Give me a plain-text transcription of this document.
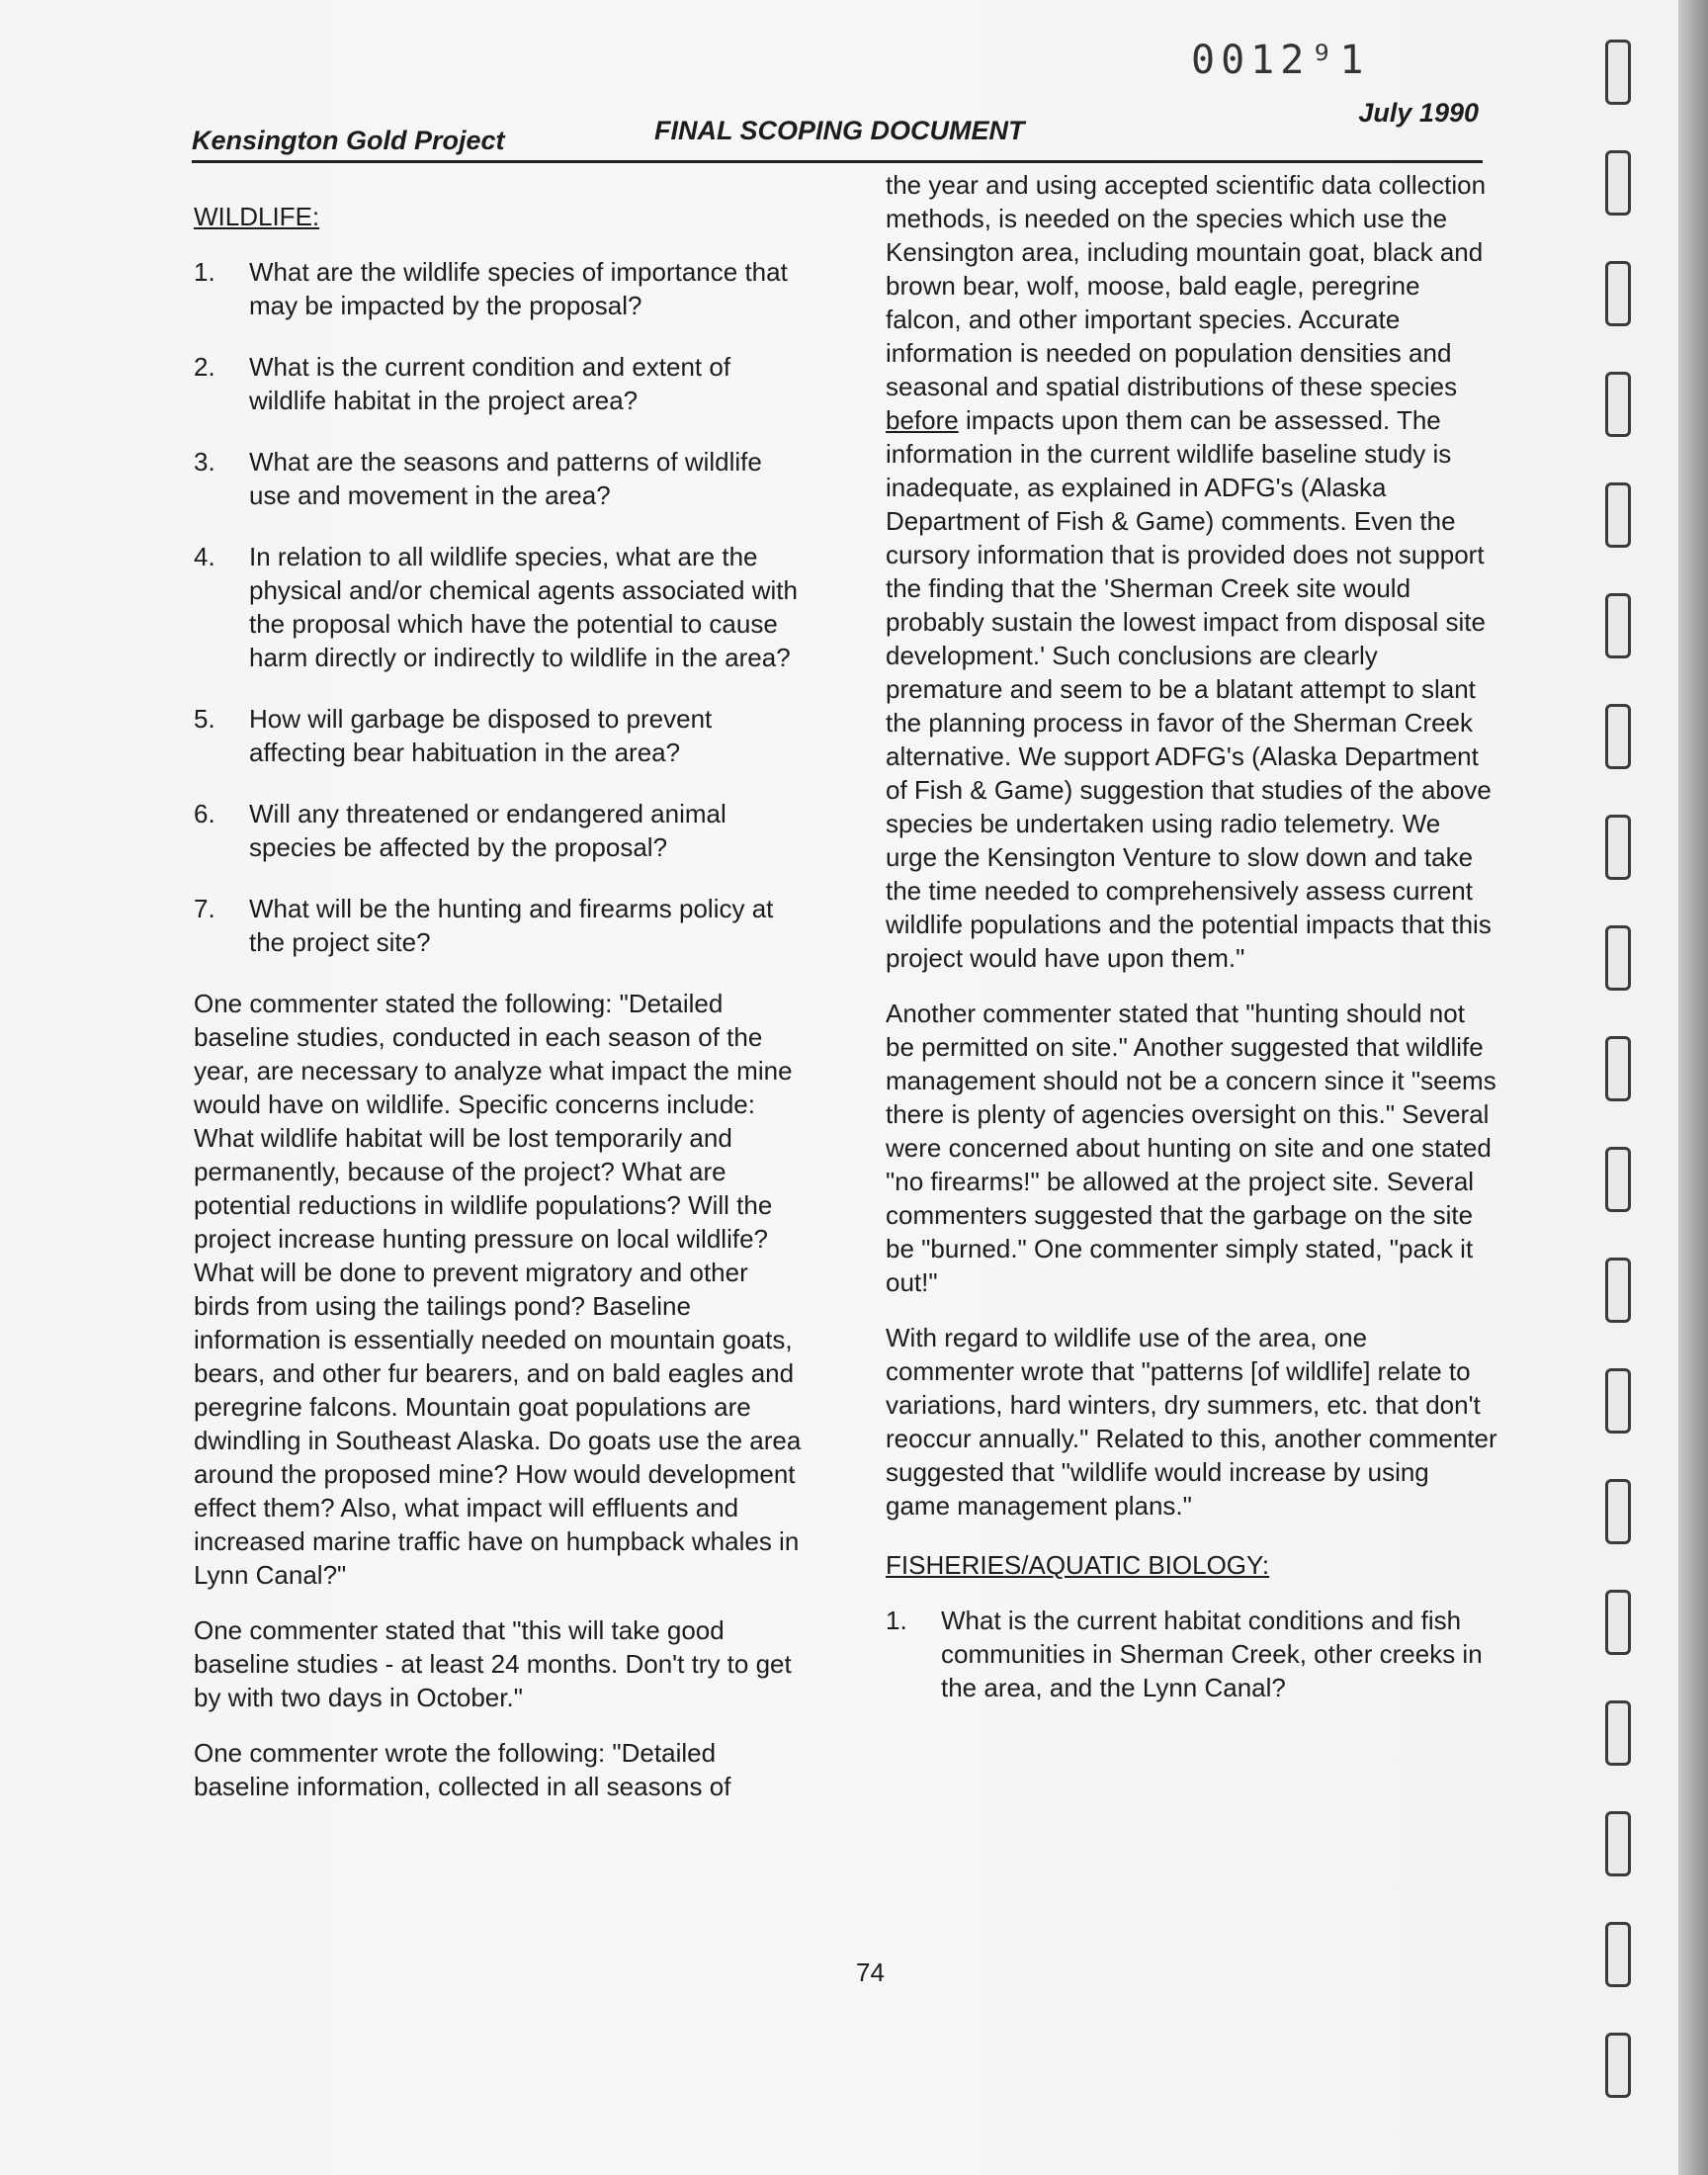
0012⁹1
Kensington Gold Project	FINAL SCOPING DOCUMENT
July 1990
WILDLIFE:
1.	What are the wildlife species of importance that may be impacted by the proposal?
2.	What is the current condition and extent of wildlife habitat in the project area?
3.	What are the seasons and patterns of wildlife use and movement in the area?
4.	In relation to all wildlife species, what are the physical and/or chemical agents associated with the proposal which have the potential to cause harm directly or indirectly to wildlife in the area?
5.	How will garbage be disposed to prevent affecting bear habituation in the area?
6.	Will any threatened or endangered animal species be affected by the proposal?
7.	What will be the hunting and firearms policy at the project site?

One commenter stated the following: "Detailed baseline studies, conducted in each season of the year, are necessary to analyze what impact the mine would have on wildlife. Specific concerns include: What wildlife habitat will be lost temporarily and permanently, because of the project? What are potential reductions in wildlife populations? Will the project increase hunting pressure on local wildlife? What will be done to prevent migratory and other birds from using the tailings pond? Baseline information is essentially needed on mountain goats, bears, and other fur bearers, and on bald eagles and peregrine falcons. Mountain goat populations are dwindling in Southeast Alaska. Do goats use the area around the proposed mine? How would development effect them? Also, what impact will effluents and increased marine traffic have on humpback whales in Lynn Canal?"

One commenter stated that "this will take good baseline studies - at least 24 months. Don't try to get by with two days in October."

One commenter wrote the following: "Detailed baseline information, collected in all seasons of

the year and using accepted scientific data collection methods, is needed on the species which use the Kensington area, including mountain goat, black and brown bear, wolf, moose, bald eagle, peregrine falcon, and other important species. Accurate information is needed on population densities and seasonal and spatial distributions of these species before impacts upon them can be assessed. The information in the current wildlife baseline study is inadequate, as explained in ADFG's (Alaska Department of Fish & Game) comments. Even the cursory information that is provided does not support the finding that the 'Sherman Creek site would probably sustain the lowest impact from disposal site development.' Such conclusions are clearly premature and seem to be a blatant attempt to slant the planning process in favor of the Sherman Creek alternative. We support ADFG's (Alaska Department of Fish & Game) suggestion that studies of the above species be undertaken using radio telemetry. We urge the Kensington Venture to slow down and take the time needed to comprehensively assess current wildlife populations and the potential impacts that this project would have upon them."

Another commenter stated that "hunting should not be permitted on site." Another suggested that wildlife management should not be a concern since it "seems there is plenty of agencies oversight on this." Several were concerned about hunting on site and one stated "no firearms!" be allowed at the project site. Several commenters suggested that the garbage on the site be "burned." One commenter simply stated, "pack it out!"

With regard to wildlife use of the area, one commenter wrote that "patterns [of wildlife] relate to variations, hard winters, dry summers, etc. that don't reoccur annually." Related to this, another commenter suggested that "wildlife would increase by using game management plans."

FISHERIES/AQUATIC BIOLOGY:
1.	What is the current habitat conditions and fish communities in Sherman Creek, other creeks in the area, and the Lynn Canal?
74
